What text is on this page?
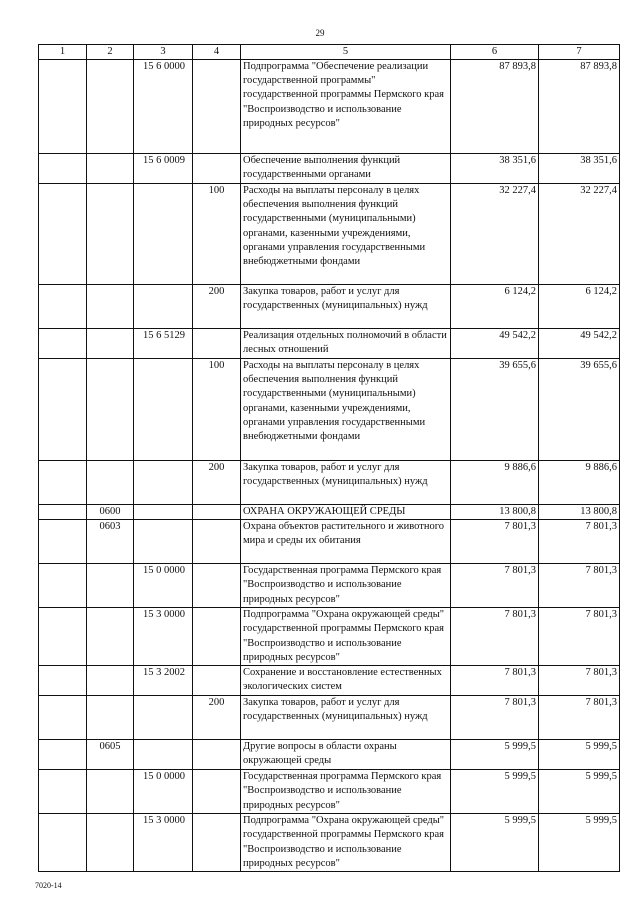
29
1	2	3	4	5	6	7
		15 6 0000		Подпрограмма "Обеспечение реализации государственной программы" государственной программы Пермского края "Воспроизводство и использование природных ресурсов"	87 893,8	87 893,8
		15 6 0009		Обеспечение выполнения функций государственными органами	38 351,6	38 351,6
			100	Расходы на выплаты персоналу в целях обеспечения выполнения функций государственными (муниципальными) органами, казенными учреждениями, органами управления государственными внебюджетными фондами	32 227,4	32 227,4
			200	Закупка товаров, работ и услуг для государственных (муниципальных) нужд	6 124,2	6 124,2
		15 6 5129		Реализация отдельных полномочий в области лесных отношений	49 542,2	49 542,2
			100	Расходы на выплаты персоналу в целях обеспечения выполнения функций государственными (муниципальными) органами, казенными учреждениями, органами управления государственными внебюджетными фондами	39 655,6	39 655,6
			200	Закупка товаров, работ и услуг для государственных (муниципальных) нужд	9 886,6	9 886,6
	0600			ОХРАНА ОКРУЖАЮЩЕЙ СРЕДЫ	13 800,8	13 800,8
	0603			Охрана объектов растительного и животного мира и среды их обитания	7 801,3	7 801,3
		15 0 0000		Государственная программа Пермского края "Воспроизводство и использование природных ресурсов"	7 801,3	7 801,3
		15 3 0000		Подпрограмма "Охрана окружающей среды" государственной программы Пермского края "Воспроизводство и использование природных ресурсов"	7 801,3	7 801,3
		15 3 2002		Сохранение и восстановление естественных экологических систем	7 801,3	7 801,3
			200	Закупка товаров, работ и услуг для государственных (муниципальных) нужд	7 801,3	7 801,3
	0605			Другие вопросы в области охраны окружающей среды	5 999,5	5 999,5
		15 0 0000		Государственная программа Пермского края "Воспроизводство и использование природных ресурсов"	5 999,5	5 999,5
		15 3 0000		Подпрограмма "Охрана окружающей среды" государственной программы Пермского края "Воспроизводство и использование природных ресурсов"	5 999,5	5 999,5
7020-14
